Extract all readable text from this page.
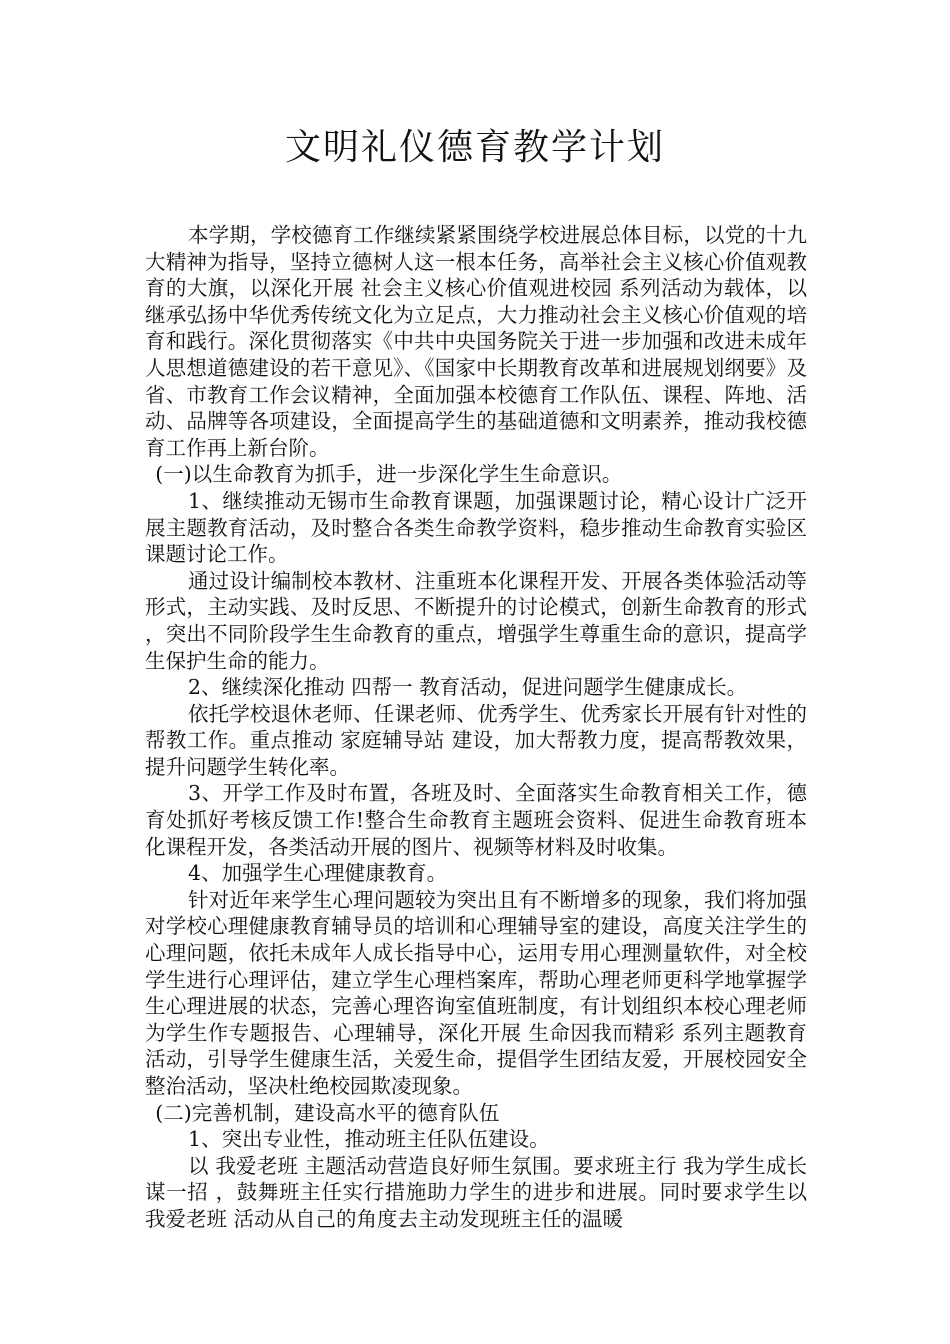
文明礼仪德育教学计划

本学期，学校德育工作继续紧紧围绕学校进展总体目标，以党的十九大精神为指导，坚持立德树人这一根本任务，高举社会主义核心价值观教育的大旗，以深化开展 社会主义核心价值观进校园 系列活动为载体，以继承弘扬中华优秀传统文化为立足点，大力推动社会主义核心价值观的培育和践行。深化贯彻落实《中共中央国务院关于进一步加强和改进未成年人思想道德建设的若干意见》、《国家中长期教育改革和进展规划纲要》及省、市教育工作会议精神，全面加强本校德育工作队伍、课程、阵地、活动、品牌等各项建设，全面提高学生的基础道德和文明素养，推动我校德育工作再上新台阶。

(一)以生命教育为抓手，进一步深化学生生命意识。

1、继续推动无锡市生命教育课题，加强课题讨论，精心设计广泛开展主题教育活动，及时整合各类生命教学资料，稳步推动生命教育实验区课题讨论工作。

通过设计编制校本教材、注重班本化课程开发、开展各类体验活动等形式，主动实践、及时反思、不断提升的讨论模式，创新生命教育的形式，突出不同阶段学生生命教育的重点，增强学生尊重生命的意识，提高学生保护生命的能力。

2、继续深化推动 四帮一 教育活动，促进问题学生健康成长。

依托学校退休老师、任课老师、优秀学生、优秀家长开展有针对性的帮教工作。重点推动 家庭辅导站 建设，加大帮教力度，提高帮教效果，提升问题学生转化率。

3、开学工作及时布置，各班及时、全面落实生命教育相关工作，德育处抓好考核反馈工作!整合生命教育主题班会资料、促进生命教育班本化课程开发，各类活动开展的图片、视频等材料及时收集。

4、加强学生心理健康教育。

针对近年来学生心理问题较为突出且有不断增多的现象，我们将加强对学校心理健康教育辅导员的培训和心理辅导室的建设，高度关注学生的心理问题，依托未成年人成长指导中心，运用专用心理测量软件，对全校学生进行心理评估，建立学生心理档案库，帮助心理老师更科学地掌握学生心理进展的状态，完善心理咨询室值班制度，有计划组织本校心理老师为学生作专题报告、心理辅导，深化开展 生命因我而精彩 系列主题教育活动，引导学生健康生活，关爱生命，提倡学生团结友爱，开展校园安全整治活动，坚决杜绝校园欺凌现象。

(二)完善机制，建设高水平的德育队伍

1、突出专业性，推动班主任队伍建设。

以 我爱老班 主题活动营造良好师生氛围。要求班主行 我为学生成长谋一招 ，鼓舞班主任实行措施助力学生的进步和进展。同时要求学生以 我爱老班 活动从自己的角度去主动发现班主任的温暖
